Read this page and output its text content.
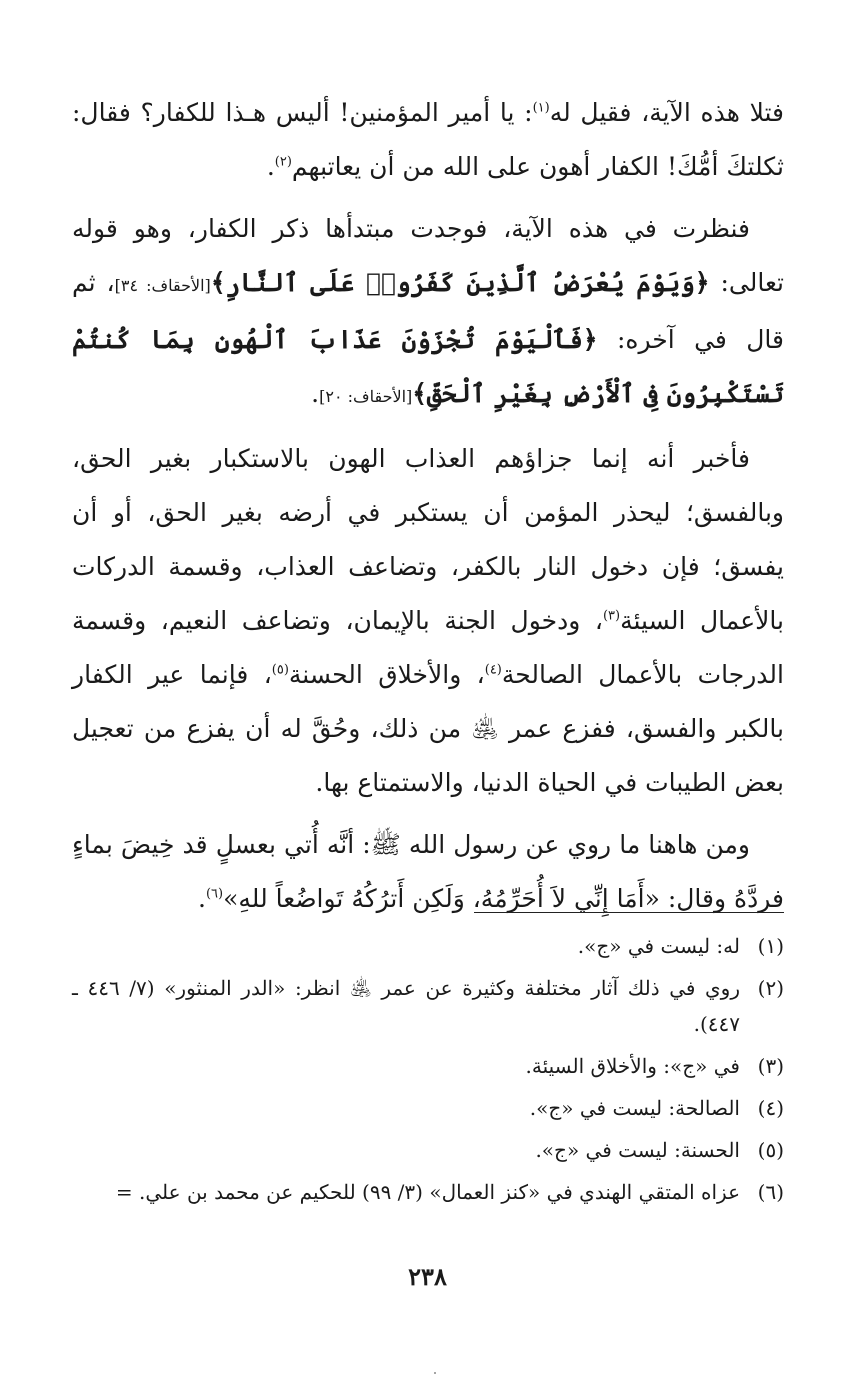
فتلا هذه الآية، فقيل له$^{(١)}$: يا أمير المؤمنين! أليس هـذا للكفار؟ فقال: ثكلتكَ أمُّكَ! الكفار أهون على الله من أن يعاتبهم$^{(٢)}$.

فنظرت في هذه الآية، فوجدت مبتدأها ذكر الكفار، وهو قوله تعالى: ﴿وَيَوْمَ يُعْرَضُ ٱلَّذِينَ كَفَرُوا۟ عَلَى ٱلنَّارِ﴾[الأحقاف: ٣٤]، ثم قال في آخره: ﴿فَٱلْيَوْمَ تُجْزَوْنَ عَذَابَ ٱلْهُونِ بِمَا كُنتُمْ تَسْتَكْبِرُونَ فِى ٱلْأَرْضِ بِغَيْرِ ٱلْحَقِّ﴾[الأحقاف: ٢٠].

فأخبر أنه إنما جزاؤهم العذاب الهون بالاستكبار بغير الحق، وبالفسق؛ ليحذر المؤمن أن يستكبر في أرضه بغير الحق، أو أن يفسق؛ فإن دخول النار بالكفر، وتضاعف العذاب، وقسمة الدركات بالأعمال السيئة$^{(٣)}$، ودخول الجنة بالإيمان، وتضاعف النعيم، وقسمة الدرجات بالأعمال الصالحة$^{(٤)}$، والأخلاق الحسنة$^{(٥)}$، فإنما عير الكفار بالكبر والفسق، ففزع عمر ﵁ من ذلك، وحُقَّ له أن يفزع من تعجيل بعض الطيبات في الحياة الدنيا، والاستمتاع بها.

ومن هاهنا ما روي عن رسول الله ﷺ: أنَّه أُتي بعسلٍ قد خِيضَ بماءٍ فردَّهُ وقال: «أَمَا إِنِّي لاَ أُحَرِّمُهُ، وَلَكِن أَترُكُهُ تَواضُعاً للهِ»$^{(٦)}$.

(١)
له: ليست في «ج».
(٢)
روي في ذلك آثار مختلفة وكثيرة عن عمر ﵁ انظر: «الدر المنثور» (٧/ ٤٤٦ ـ ٤٤٧).
(٣)
في «ج»: والأخلاق السيئة.
(٤)
الصالحة: ليست في «ج».
(٥)
الحسنة: ليست في «ج».
(٦)
عزاه المتقي الهندي في «كنز العمال» (٣/ ٩٩) للحكيم عن محمد بن علي. =
٢٣٨
